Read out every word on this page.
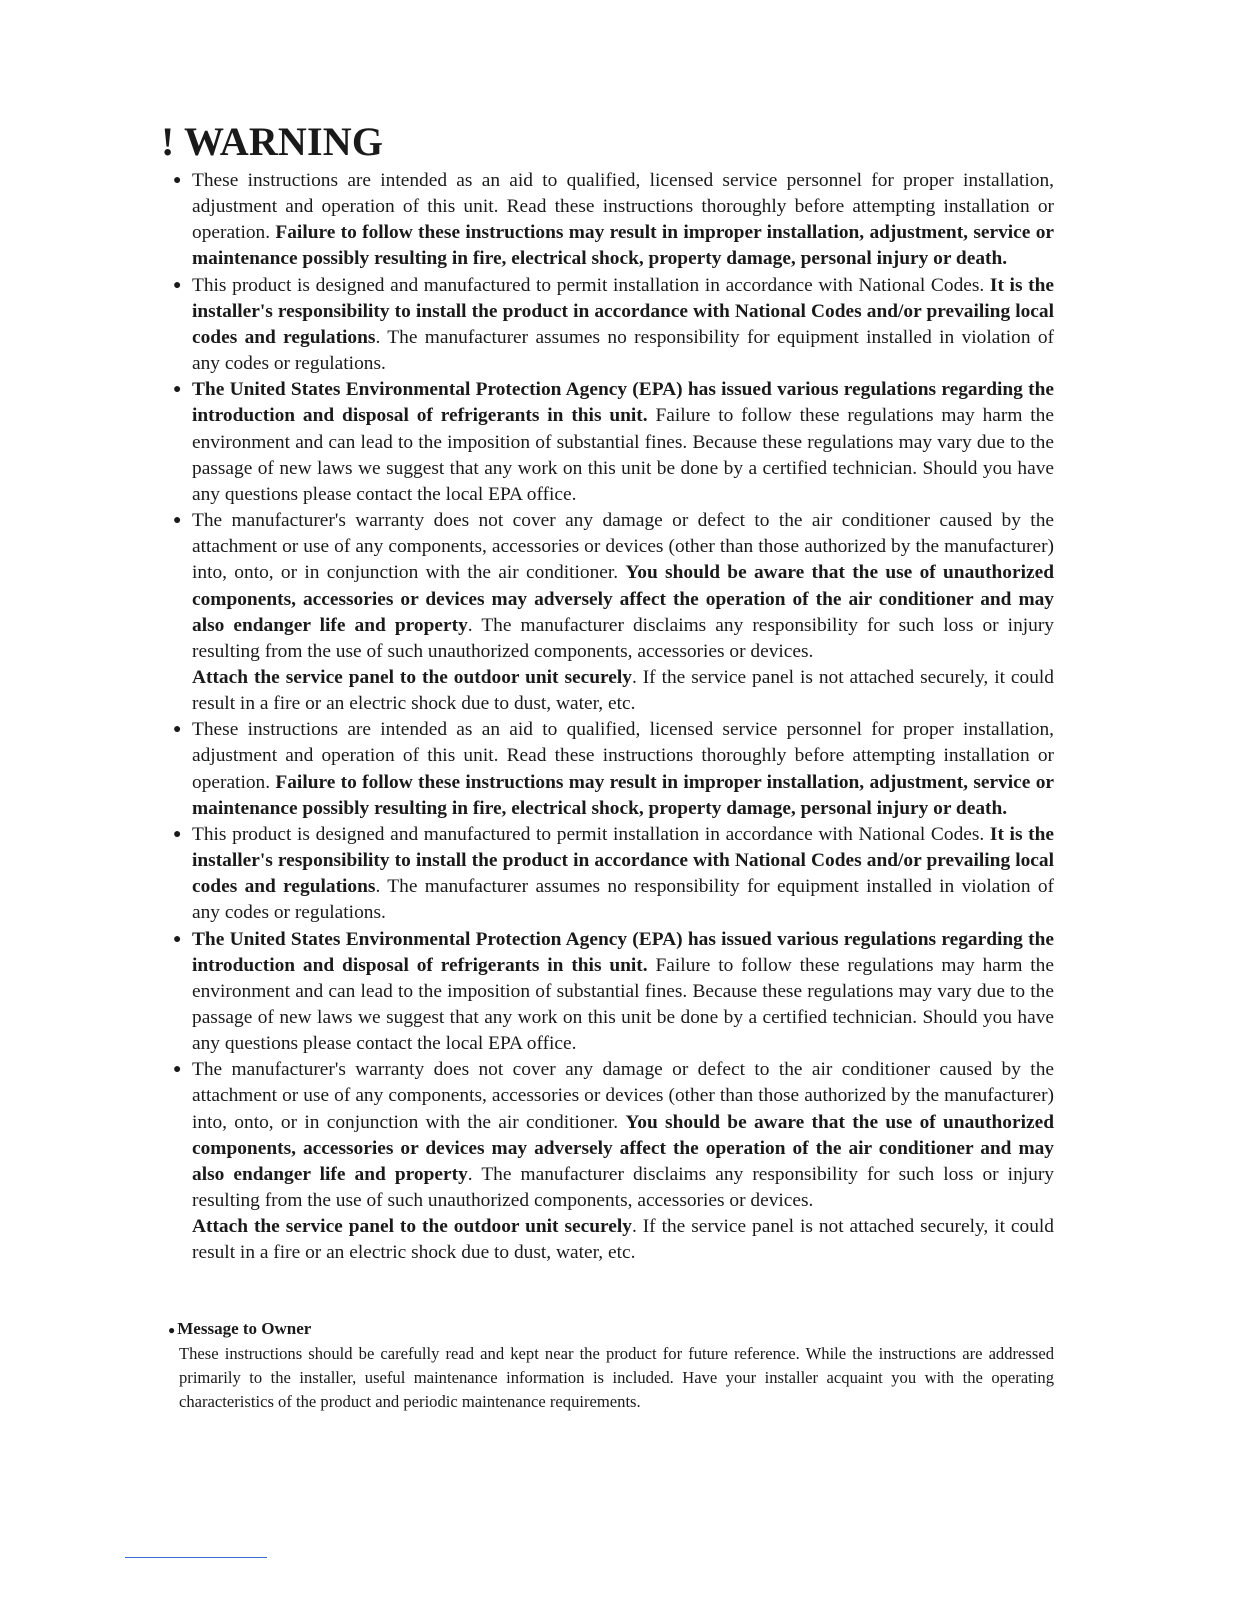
! WARNING
● These instructions are intended as an aid to qualified, licensed service personnel for proper installation, adjustment and operation of this unit. Read these instructions thoroughly before attempting installation or operation. Failure to follow these instructions may result in improper installation, adjustment, service or maintenance possibly resulting in fire, electrical shock, property damage, personal injury or death.

● This product is designed and manufactured to permit installation in accordance with National Codes. It is the installer's responsibility to install the product in accordance with National Codes and/or prevailing local codes and regulations. The manufacturer assumes no responsibility for equipment installed in violation of any codes or regulations.

● The United States Environmental Protection Agency (EPA) has issued various regulations regarding the introduction and disposal of refrigerants in this unit. Failure to follow these regulations may harm the environment and can lead to the imposition of substantial fines. Because these regulations may vary due to the passage of new laws we suggest that any work on this unit be done by a certified technician. Should you have any questions please contact the local EPA office.

● The manufacturer's warranty does not cover any damage or defect to the air conditioner caused by the attachment or use of any components, accessories or devices (other than those authorized by the manufacturer) into, onto, or in conjunction with the air conditioner. You should be aware that the use of unauthorized components, accessories or devices may adversely affect the operation of the air conditioner and may also endanger life and property. The manufacturer disclaims any responsibility for such loss or injury resulting from the use of such unauthorized components, accessories or devices.

Attach the service panel to the outdoor unit securely. If the service panel is not attached securely, it could result in a fire or an electric shock due to dust, water, etc.

● These instructions are intended as an aid to qualified, licensed service personnel for proper installation, adjustment and operation of this unit. Read these instructions thoroughly before attempting installation or operation. Failure to follow these instructions may result in improper installation, adjustment, service or maintenance possibly resulting in fire, electrical shock, property damage, personal injury or death.

● This product is designed and manufactured to permit installation in accordance with National Codes. It is the installer's responsibility to install the product in accordance with National Codes and/or prevailing local codes and regulations. The manufacturer assumes no responsibility for equipment installed in violation of any codes or regulations.

● The United States Environmental Protection Agency (EPA) has issued various regulations regarding the introduction and disposal of refrigerants in this unit. Failure to follow these regulations may harm the environment and can lead to the imposition of substantial fines. Because these regulations may vary due to the passage of new laws we suggest that any work on this unit be done by a certified technician. Should you have any questions please contact the local EPA office.

● The manufacturer's warranty does not cover any damage or defect to the air conditioner caused by the attachment or use of any components, accessories or devices (other than those authorized by the manufacturer) into, onto, or in conjunction with the air conditioner. You should be aware that the use of unauthorized components, accessories or devices may adversely affect the operation of the air conditioner and may also endanger life and property. The manufacturer disclaims any responsibility for such loss or injury resulting from the use of such unauthorized components, accessories or devices.

Attach the service panel to the outdoor unit securely. If the service panel is not attached securely, it could result in a fire or an electric shock due to dust, water, etc.

● Message to Owner

These instructions should be carefully read and kept near the product for future reference. While the instructions are addressed primarily to the installer, useful maintenance information is included. Have your installer acquaint you with the operating characteristics of the product and periodic maintenance requirements.
